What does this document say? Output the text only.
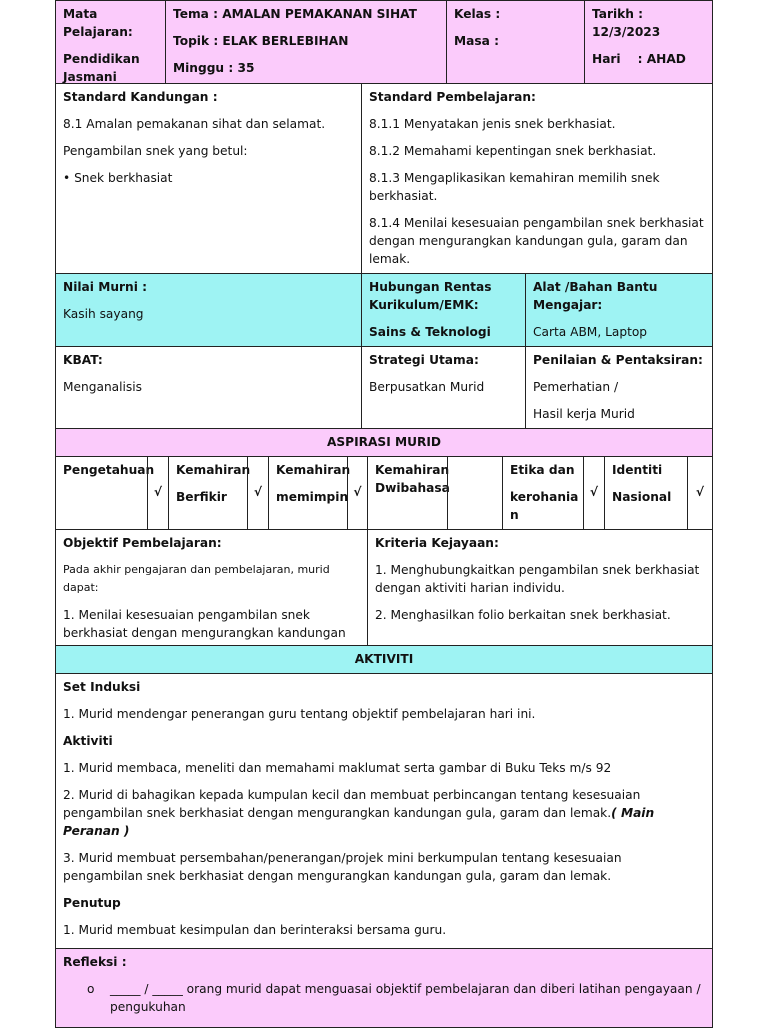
Mata Pelajaran:

Pendidikan Jasmani

Tema : AMALAN PEMAKANAN SIHAT

Topik : ELAK BERLEBIHAN

Minggu : 35

Kelas :

Masa :

Tarikh : 12/3/2023

Hari : AHAD

Standard Kandungan :

8.1 Amalan pemakanan sihat dan selamat.

Pengambilan snek yang betul:

• Snek berkhasiat

Standard Pembelajaran:

8.1.1 Menyatakan jenis snek berkhasiat.

8.1.2 Memahami kepentingan snek berkhasiat.

8.1.3 Mengaplikasikan kemahiran memilih snek berkhasiat.

8.1.4 Menilai kesesuaian pengambilan snek berkhasiat dengan mengurangkan kandungan gula, garam dan lemak.

Nilai Murni :

Kasih sayang

Hubungan Rentas Kurikulum/EMK:

Sains & Teknologi

Alat /Bahan Bantu Mengajar:

Carta ABM, Laptop

KBAT:

Menganalisis

Strategi Utama:

Berpusatkan Murid

Penilaian & Pentaksiran:

Pemerhatian /

Hasil kerja Murid

ASPIRASI MURID

Pengetahuan

√

Kemahiran

Berfikir	√

Kemahiran

memimpin √

Kemahiran

Dwibahasa

Etika dan

kerohania

n

√

Identiti

Nasional	√

Objektif Pembelajaran:

Pada akhir pengajaran dan pembelajaran, murid dapat:

1. Menilai kesesuaian pengambilan snek berkhasiat dengan mengurangkan kandungan

Kriteria Kejayaan:

1. Menghubungkaitkan pengambilan snek berkhasiat dengan aktiviti harian individu.

2. Menghasilkan folio berkaitan snek berkhasiat.

AKTIVITI

Set Induksi

1. Murid mendengar penerangan guru tentang objektif pembelajaran hari ini.

Aktiviti

1. Murid membaca, meneliti dan memahami maklumat serta gambar di Buku Teks m/s 92

2. Murid di bahagikan kepada kumpulan kecil dan membuat perbincangan tentang kesesuaian pengambilan snek berkhasiat dengan mengurangkan kandungan gula, garam dan lemak.( Main Peranan )

3. Murid membuat persembahan/penerangan/projek mini berkumpulan tentang kesesuaian pengambilan snek berkhasiat dengan mengurangkan kandungan gula, garam dan lemak.

Penutup

1. Murid membuat kesimpulan dan berinteraksi bersama guru.

Refleksi :

o _____ / _____ orang murid dapat menguasai objektif pembelajaran dan diberi latihan pengayaan / pengukuhan
